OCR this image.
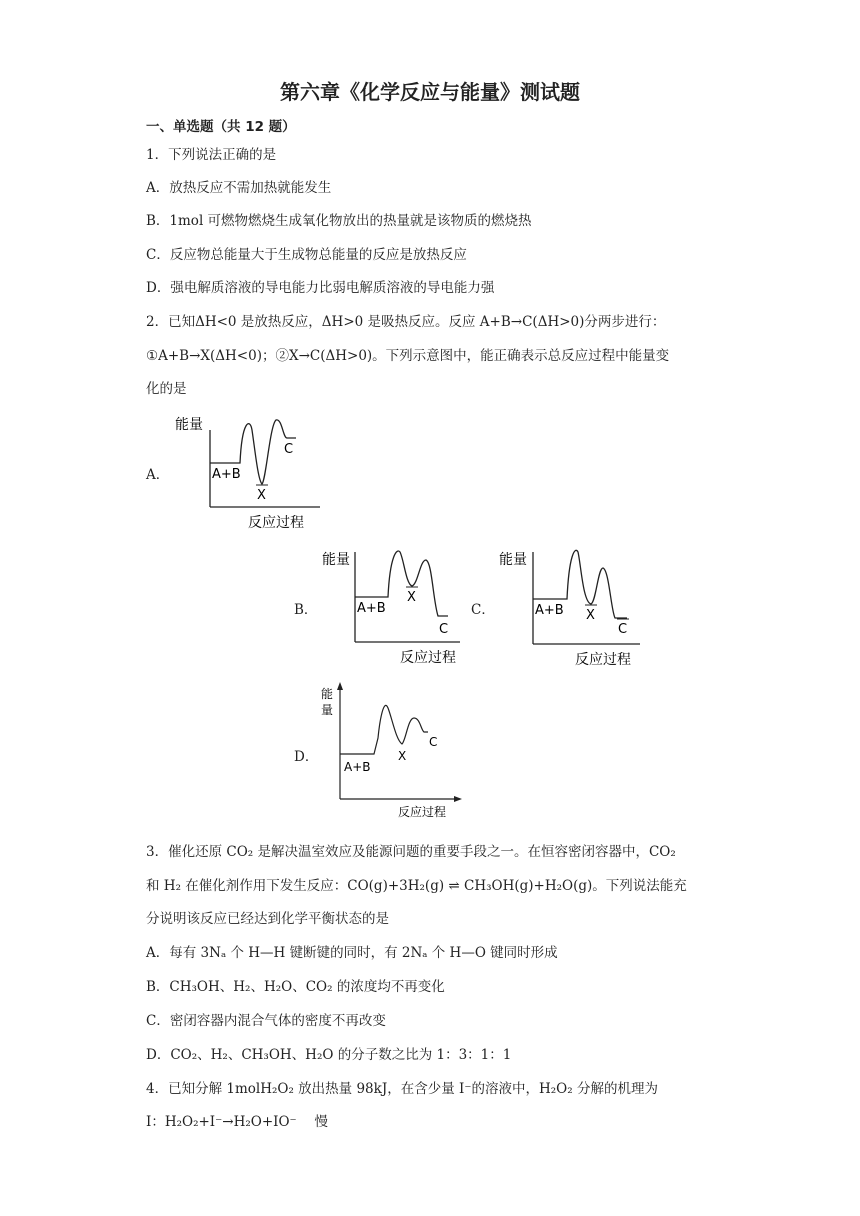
第六章《化学反应与能量》测试题
一、单选题（共 12 题）
1．下列说法正确的是
A．放热反应不需加热就能发生
B．1mol 可燃物燃烧生成氧化物放出的热量就是该物质的燃烧热
C．反应物总能量大于生成物总能量的反应是放热反应
D．强电解质溶液的导电能力比弱电解质溶液的导电能力强
2．已知ΔH<0 是放热反应，ΔH>0 是吸热反应。反应 A+B→C(ΔH>0)分两步进行：
①A+B→X(ΔH<0)；②X→C(ΔH>0)。下列示意图中，能正确表示总反应过程中能量变
化的是
A．
能量
反应过程
A+B
X
C
B．
能量
反应过程
A+B
X
C
C．
能量
反应过程
A+B X
C
D．
能
量
反应过程
A+B
X
C
3．催化还原 CO₂ 是解决温室效应及能源问题的重要手段之一。在恒容密闭容器中，CO₂
和 H₂ 在催化剂作用下发生反应：CO(g)+3H₂(g) ⇌ CH₃OH(g)+H₂O(g)。下列说法能充
分说明该反应已经达到化学平衡状态的是
A．每有 3Nₐ 个 H—H 键断键的同时，有 2Nₐ 个 H—O 键同时形成
B．CH₃OH、H₂、H₂O、CO₂ 的浓度均不再变化
C．密闭容器内混合气体的密度不再改变
D．CO₂、H₂、CH₃OH、H₂O 的分子数之比为 1：3：1：1
4．已知分解 1molH₂O₂ 放出热量 98kJ，在含少量 I⁻的溶液中，H₂O₂ 分解的机理为
I：H₂O₂+I⁻→H₂O+IO⁻　 慢
